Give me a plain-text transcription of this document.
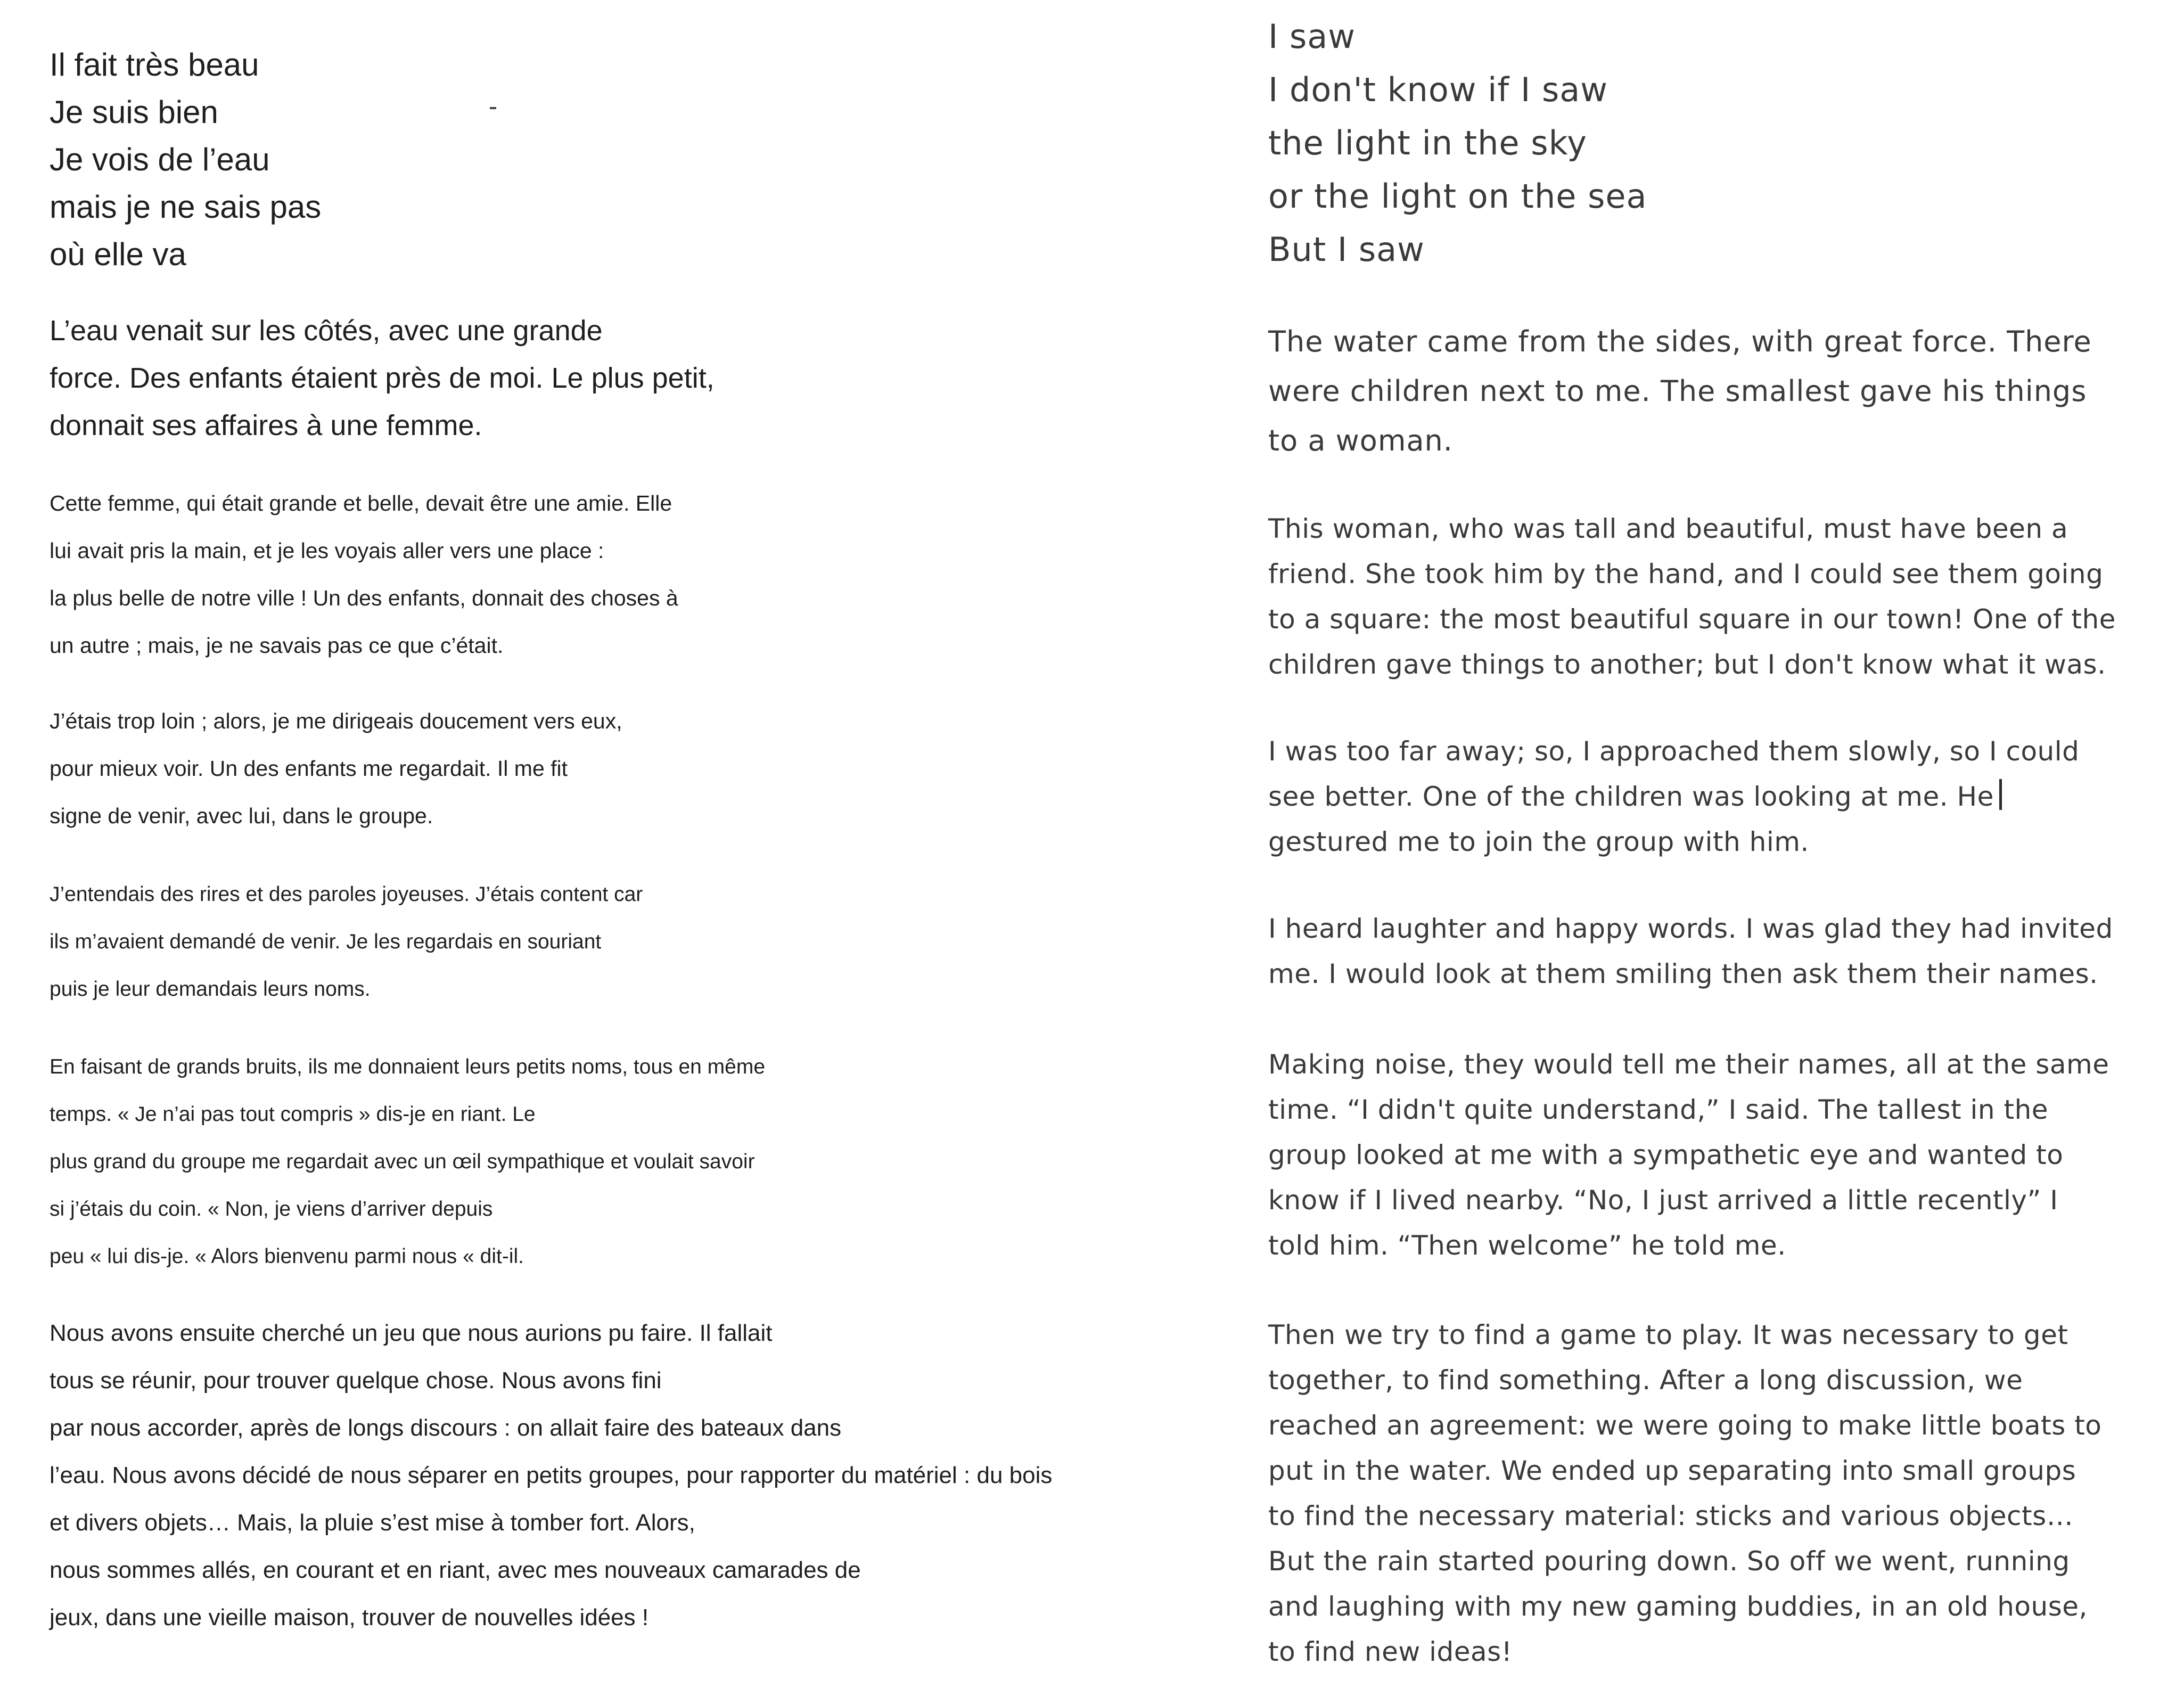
Il fait très beau
Je suis bien
Je vois de l’eau
mais je ne sais pas
où elle va
L’eau venait sur les côtés, avec une grande
force. Des enfants étaient près de moi. Le plus petit,
donnait ses affaires à une femme.
Cette femme, qui était grande et belle, devait être une amie. Elle
lui avait pris la main, et je les voyais aller vers une place :
la plus belle de notre ville ! Un des enfants, donnait des choses à
un autre ; mais, je ne savais pas ce que c’était.
J’étais trop loin ; alors, je me dirigeais doucement vers eux,
pour mieux voir. Un des enfants me regardait. Il me fit
signe de venir, avec lui, dans le groupe.
J’entendais des rires et des paroles joyeuses. J’étais content car
ils m’avaient demandé de venir. Je les regardais en souriant
puis je leur demandais leurs noms.
En faisant de grands bruits, ils me donnaient leurs petits noms, tous en même
temps. « Je n’ai pas tout compris » dis-je en riant. Le
plus grand du groupe me regardait avec un œil sympathique et voulait savoir
si j’étais du coin. « Non, je viens d’arriver depuis
peu « lui dis-je. « Alors bienvenu parmi nous « dit-il.
Nous avons ensuite cherché un jeu que nous aurions pu faire. Il fallait
tous se réunir, pour trouver quelque chose. Nous avons fini
par nous accorder, après de longs discours : on allait faire des bateaux dans
l’eau. Nous avons décidé de nous séparer en petits groupes, pour rapporter du matériel : du bois
et divers objets… Mais, la pluie s’est mise à tomber fort. Alors,
nous sommes allés, en courant et en riant, avec mes nouveaux camarades de
jeux, dans une vieille maison, trouver de nouvelles idées !
I saw
I don't know if I saw
the light in the sky
or the light on the sea
But I saw
The water came from the sides, with great force. There
were children next to me. The smallest gave his things
to a woman.
This woman, who was tall and beautiful, must have been a
friend. She took him by the hand, and I could see them going
to a square: the most beautiful square in our town! One of the
children gave things to another; but I don't know what it was.
I was too far away; so, I approached them slowly, so I could
see better. One of the children was looking at me. He
gestured me to join the group with him.
I heard laughter and happy words. I was glad they had invited
me. I would look at them smiling then ask them their names.
Making noise, they would tell me their names, all at the same
time. “I didn't quite understand,” I said. The tallest in the
group looked at me with a sympathetic eye and wanted to
know if I lived nearby. “No, I just arrived a little recently” I
told him. “Then welcome” he told me.
Then we try to find a game to play. It was necessary to get
together, to find something. After a long discussion, we
reached an agreement: we were going to make little boats to
put in the water. We ended up separating into small groups
to find the necessary material: sticks and various objects…
But the rain started pouring down. So off we went, running
and laughing with my new gaming buddies, in an old house,
to find new ideas!
